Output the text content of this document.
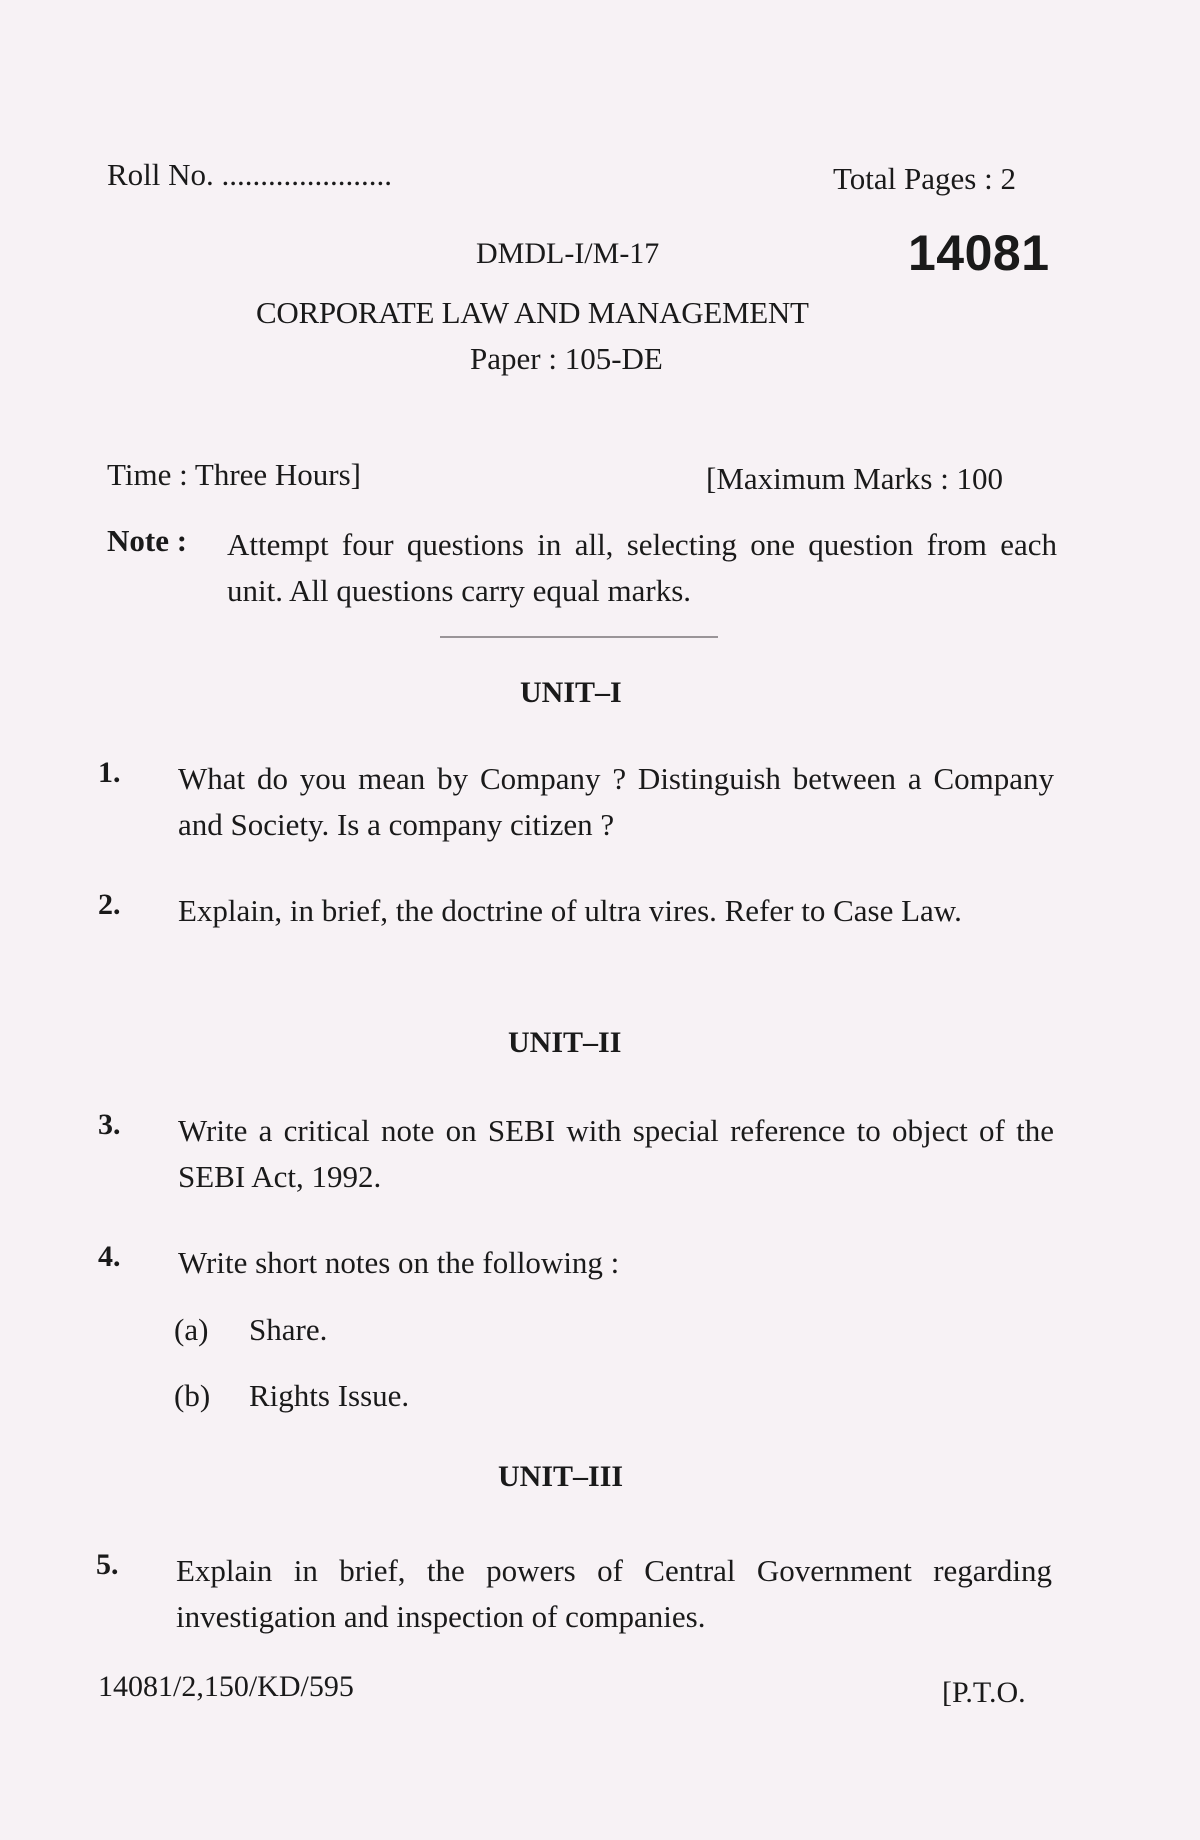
Roll No. ......................	Total Pages : 2
DMDL-I/M-17	14081
CORPORATE LAW AND MANAGEMENT
Paper : 105-DE
Time : Three Hours]	[Maximum Marks : 100
Note : Attempt four questions in all, selecting one question from each unit. All questions carry equal marks.
UNIT–I
1. What do you mean by Company ? Distinguish between a Company and Society. Is a company citizen ?
2. Explain, in brief, the doctrine of ultra vires. Refer to Case Law.
UNIT–II
3. Write a critical note on SEBI with special reference to object of the SEBI Act, 1992.
4. Write short notes on the following :
(a) Share.
(b) Rights Issue.
UNIT–III
5. Explain in brief, the powers of Central Government regarding investigation and inspection of companies.
14081/2,150/KD/595	[P.T.O.
